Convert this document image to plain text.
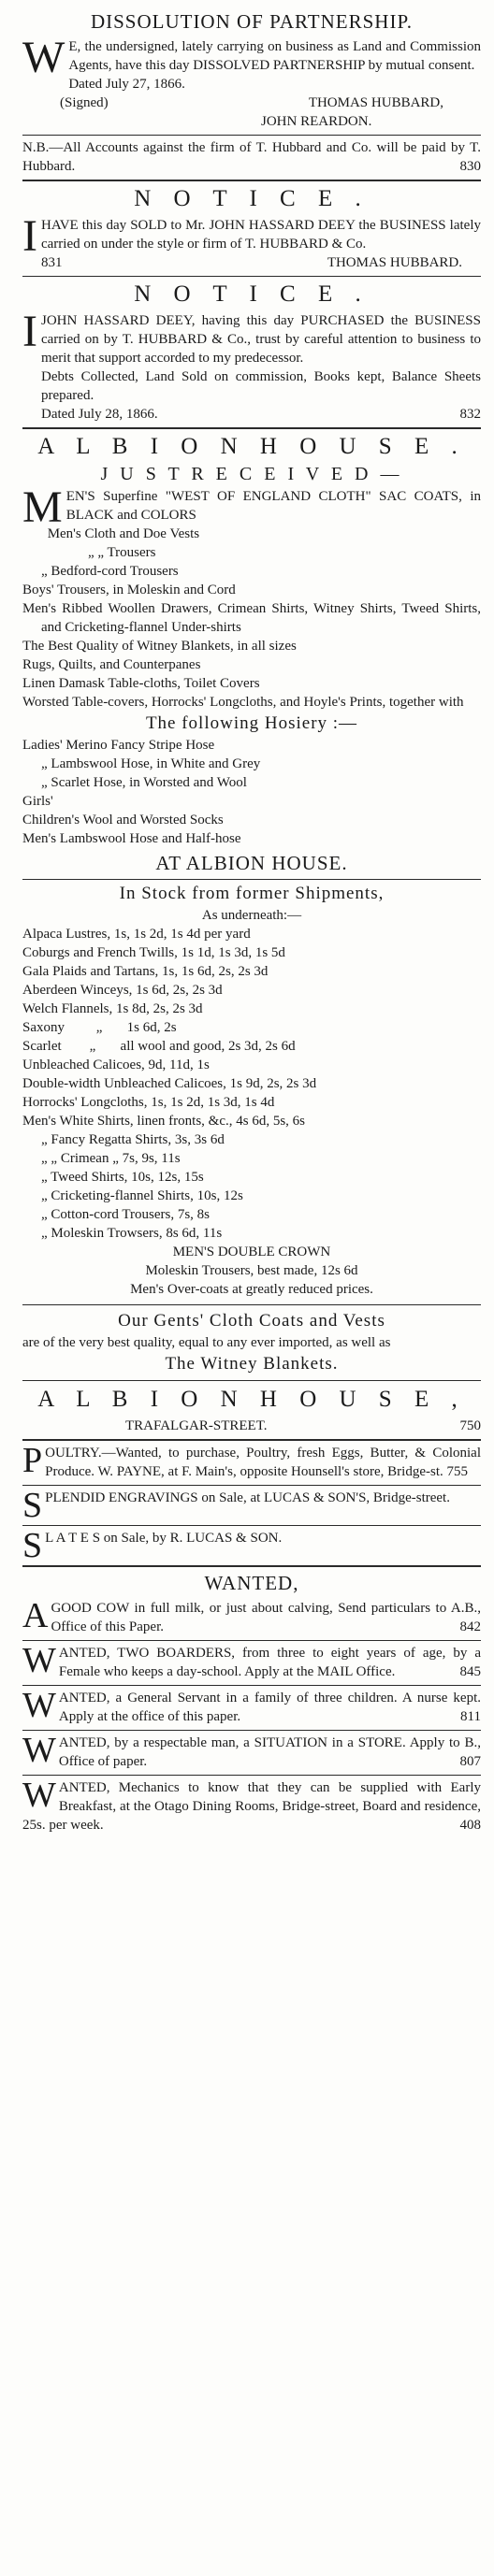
DISSOLUTION OF PARTNERSHIP.

W E, the undersigned, lately carrying on business as Land and Commission Agents, have this day DISSOLVED PARTNERSHIP by mutual consent.

Dated July 27, 1866.

(Signed)	THOMAS HUBBARD,

JOHN REARDON.

N.B.—All Accounts against the firm of T. Hubbard and Co. will be paid by T. Hubbard.	830

N O T I C E .

IHAVE this day SOLD to Mr. JOHN HASSARD DEEY the BUSINESS lately carried on under the style or firm of T. HUBBARD & Co.

831	THOMAS HUBBARD.
N O T I C E .

IJOHN HASSARD DEEY, having this day PURCHASED the BUSINESS carried on by T. HUBBARD & Co., trust by careful attention to business to merit that support accorded to my predecessor.

Debts Collected, Land Sold on commission, Books kept, Balance Sheets prepared.

Dated July 28, 1866.	832
A L B I O N H O U S E .
J U S T R E C E I V E D —

MEN'S Superfine "WEST OF ENGLAND CLOTH" SAC COATS, in BLACK and COLORS

Men's Cloth and Doe Vests

„ „ Trousers

„ Bedford-cord Trousers

Boys' Trousers, in Moleskin and Cord

Men's Ribbed Woollen Drawers, Crimean Shirts, Witney Shirts, Tweed Shirts, and Cricketing-flannel Under-shirts

The Best Quality of Witney Blankets, in all sizes

Rugs, Quilts, and Counterpanes

Linen Damask Table-cloths, Toilet Covers

Worsted Table-covers, Horrocks' Longcloths, and Hoyle's Prints, together with

The following Hosiery :—

Ladies' Merino Fancy Stripe Hose

„ Lambswool Hose, in White and Grey

„ Scarlet Hose, in Worsted and Wool

Girls'

Children's Wool and Worsted Socks

Men's Lambswool Hose and Half-hose

AT ALBION HOUSE.
In Stock from former Shipments,

As underneath:—

Alpaca Lustres, 1s, 1s 2d, 1s 4d per yard

Coburgs and French Twills, 1s 1d, 1s 3d, 1s 5d

Gala Plaids and Tartans, 1s, 1s 6d, 2s, 2s 3d

Aberdeen Winceys, 1s 6d, 2s, 2s 3d

Welch Flannels, 1s 8d, 2s, 2s 3d

Saxony         „       1s 6d, 2s

Scarlet        „       all wool and good, 2s 3d, 2s 6d

Unbleached Calicoes, 9d, 11d, 1s

Double-width Unbleached Calicoes, 1s 9d, 2s, 2s 3d

Horrocks' Longcloths, 1s, 1s 2d, 1s 3d, 1s 4d

Men's White Shirts, linen fronts, &c., 4s 6d, 5s, 6s

„ Fancy Regatta Shirts, 3s, 3s 6d

„ „ Crimean „ 7s, 9s, 11s

„ Tweed Shirts, 10s, 12s, 15s

„ Cricketing-flannel Shirts, 10s, 12s

„ Cotton-cord Trousers, 7s, 8s

„ Moleskin Trowsers, 8s 6d, 11s

MEN'S DOUBLE CROWN

Moleskin Trousers, best made, 12s 6d

Men's Over-coats at greatly reduced prices.

Our Gents' Cloth Coats and Vests

are of the very best quality, equal to any ever imported, as well as

The Witney Blankets.
A L B I O N H O U S E ,
TRAFALGAR-STREET.	750

POULTRY.—Wanted, to purchase, Poultry, fresh Eggs, Butter, & Colonial Produce. W. PAYNE, at F. Main's, opposite Hounsell's store, Bridge-st. 755

SPLENDID ENGRAVINGS on Sale, at LUCAS & SON'S, Bridge-street.

S L A T E S on Sale, by R. LUCAS & SON.

WANTED,

AGOOD COW in full milk, or just about calving, Send particulars to A.B., Office of this Paper.	842

WANTED, TWO BOARDERS, from three to eight years of age, by a Female who keeps a day-school. Apply at the MAIL Office.	845

WANTED, a General Servant in a family of three children. A nurse kept. Apply at the office of this paper.	811

WANTED, by a respectable man, a SITUATION in a STORE. Apply to B., Office of paper.	807

WANTED, Mechanics to know that they can be supplied with Early Breakfast, at the Otago Dining Rooms, Bridge-street, Board and residence, 25s. per week.	408
